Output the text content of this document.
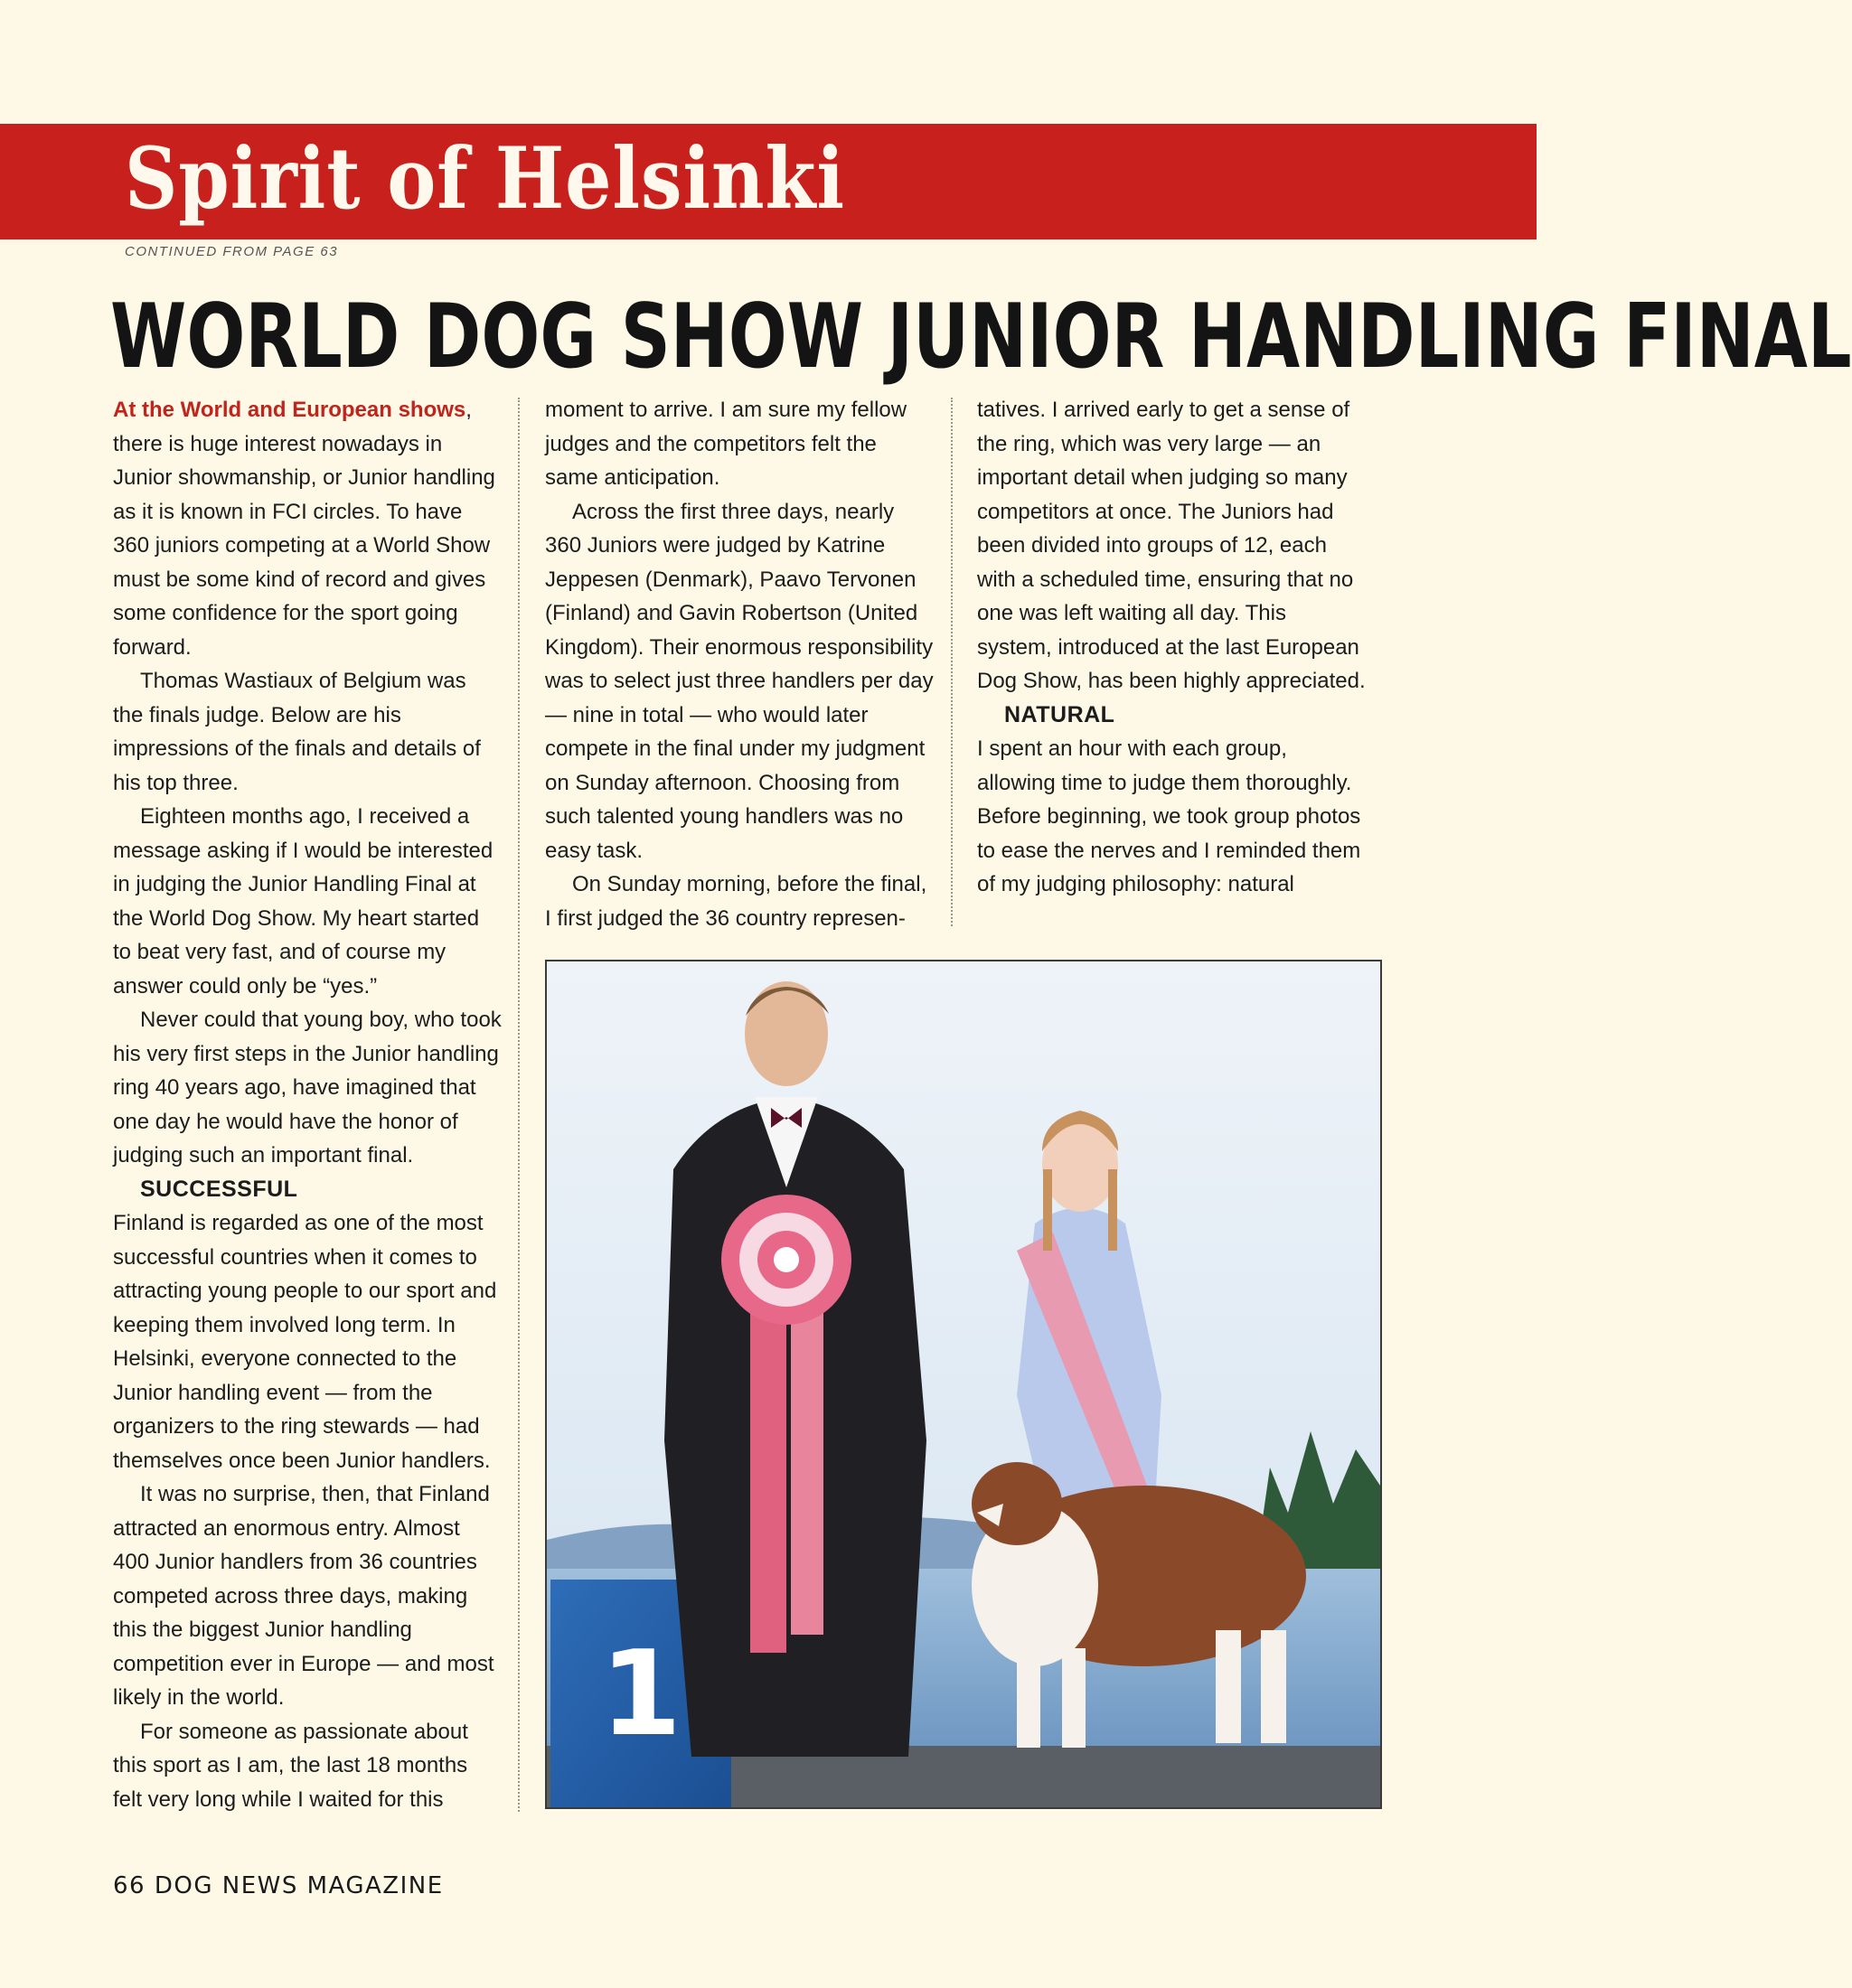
Spirit of Helsinki
CONTINUED FROM PAGE 63
WORLD DOG SHOW JUNIOR HANDLING FINAL

At the World and European shows, there is huge interest nowadays in Junior showmanship, or Junior handling as it is known in FCI circles. To have 360 juniors competing at a World Show must be some kind of record and gives some confidence for the sport going forward.

Thomas Wastiaux of Belgium was the finals judge. Below are his impressions of the finals and details of his top three.

Eighteen months ago, I received a message asking if I would be interested in judging the Junior Handling Final at the World Dog Show. My heart started to beat very fast, and of course my answer could only be “yes.”

Never could that young boy, who took his very first steps in the Junior handling ring 40 years ago, have imagined that one day he would have the honor of judging such an important final.

SUCCESSFUL

Finland is regarded as one of the most successful countries when it comes to attracting young people to our sport and keeping them involved long term. In Helsinki, everyone connected to the Junior handling event — from the organizers to the ring stewards — had themselves once been Junior handlers.

It was no surprise, then, that Finland attracted an enormous entry. Almost 400 Junior handlers from 36 countries competed across three days, making this the biggest Junior handling competition ever in Europe — and most likely in the world.

For someone as passionate about this sport as I am, the last 18 months felt very long while I waited for this

moment to arrive. I am sure my fellow judges and the competitors felt the same anticipation.

Across the first three days, nearly 360 Juniors were judged by Katrine Jeppesen (Denmark), Paavo Tervonen (Finland) and Gavin Robertson (United Kingdom). Their enormous responsibility was to select just three handlers per day — nine in total — who would later compete in the final under my judgment on Sunday afternoon. Choosing from such talented young handlers was no easy task.

On Sunday morning, before the final, I first judged the 36 country represen-

tatives. I arrived early to get a sense of the ring, which was very large — an important detail when judging so many competitors at once. The Juniors had been divided into groups of 12, each with a scheduled time, ensuring that no one was left waiting all day. This system, introduced at the last European Dog Show, has been highly appreciated.

NATURAL

I spent an hour with each group, allowing time to judge them thoroughly. Before beginning, we took group photos to ease the nerves and I reminded them of my judging philosophy: natural

1
66 DOG NEWS MAGAZINE
